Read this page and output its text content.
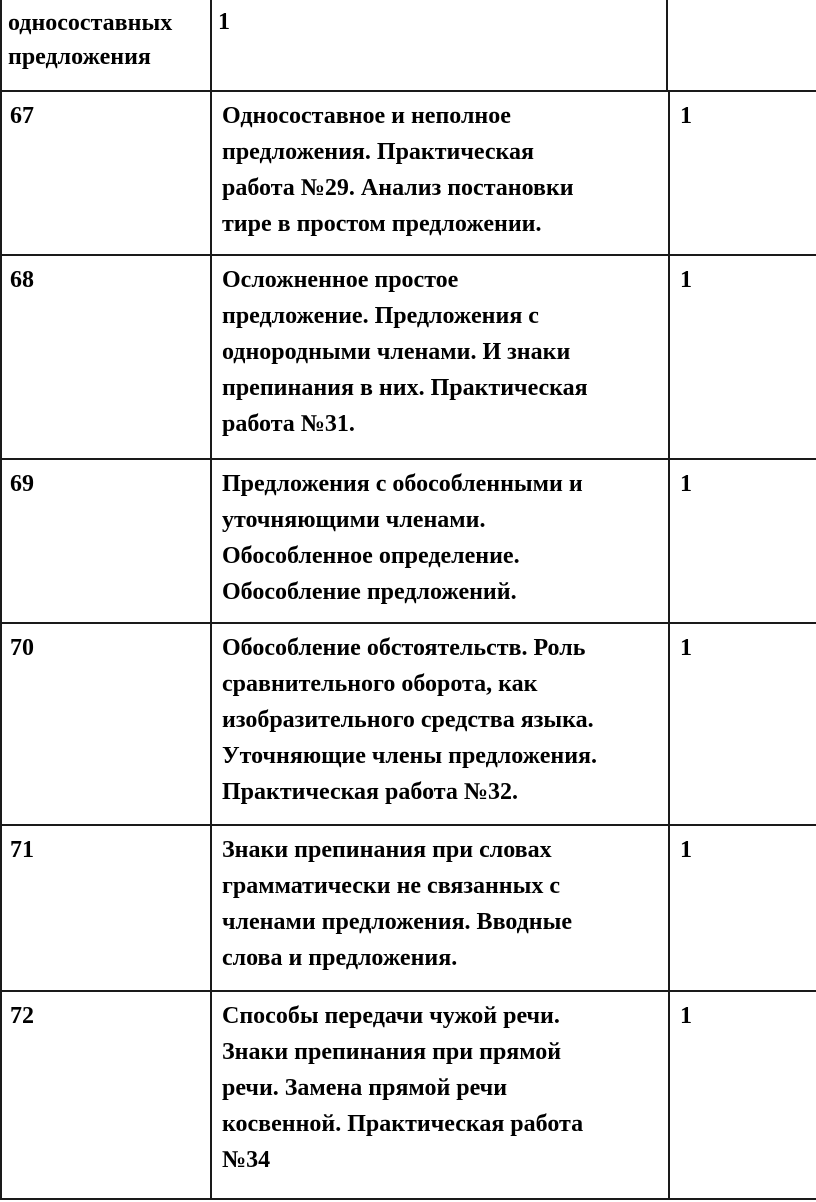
односоставных
предложения
1
67	Односоставное и неполное
предложения. Практическая
работа №29. Анализ постановки
тире в простом предложении.
1
68	Осложненное простое
предложение. Предложения с
однородными членами. И знаки
препинания в них. Практическая
работа №31.
1
69	Предложения с обособленными и
уточняющими членами.
Обособленное определение.
Обособление предложений.
1
70	Обособление обстоятельств. Роль
сравнительного оборота, как
изобразительного средства языка.
Уточняющие члены предложения.
Практическая работа №32.
1
71	Знаки препинания при словах
грамматически не связанных с
членами предложения. Вводные
слова и предложения.
1
72	Способы передачи чужой речи.
Знаки препинания при прямой
речи. Замена прямой речи
косвенной. Практическая работа
№34
1
